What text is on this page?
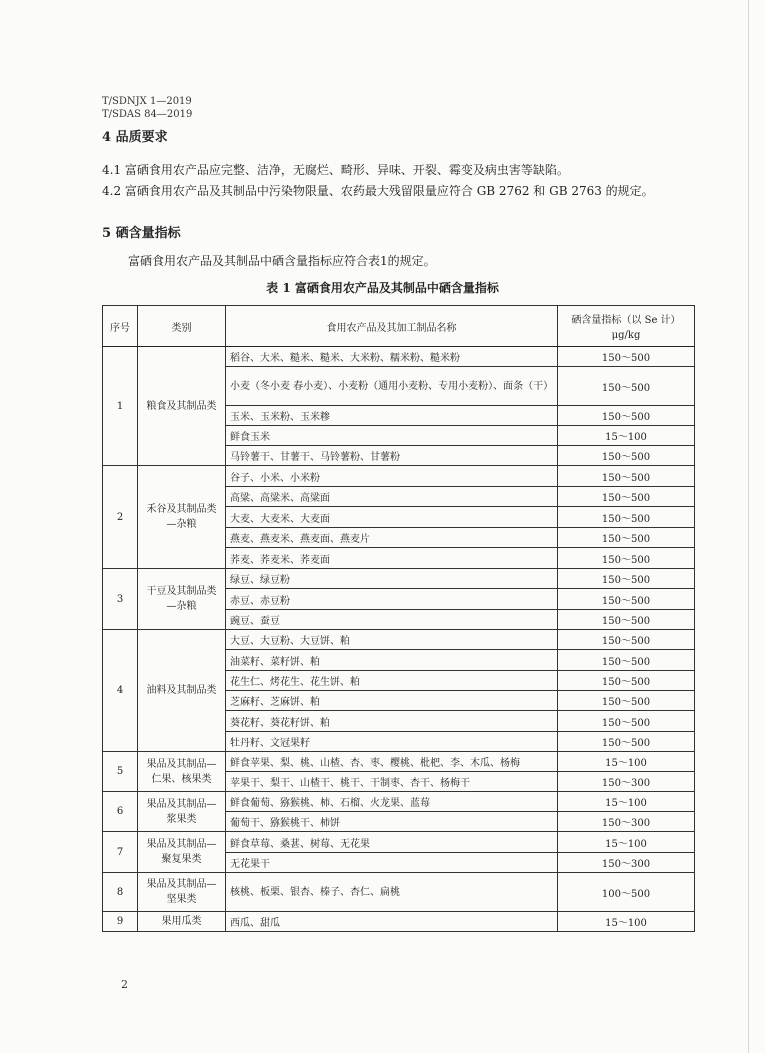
T/SDNJX 1—2019
T/SDAS 84—2019
4 品质要求
4.1 富硒食用农产品应完整、洁净，无腐烂、畸形、异味、开裂、霉变及病虫害等缺陷。
4.2 富硒食用农产品及其制品中污染物限量、农药最大残留限量应符合 GB 2762 和 GB 2763 的规定。
5 硒含量指标
富硒食用农产品及其制品中硒含量指标应符合表1的规定。
表 1 富硒食用农产品及其制品中硒含量指标
序号	类别	食用农产品及其加工制品名称	硒含量指标（以 Se 计）
μg/kg

1	粮食及其制品类	稻谷、大米、糙米、糙米、大米粉、糯米粉、糙米粉	150～500
		小麦（冬小麦 春小麦）、小麦粉（通用小麦粉、专用小麦粉）、面条（干）	150～500
		玉米、玉米粉、玉米糁	150～500
		鲜食玉米	15～100
		马铃薯干、甘薯干、马铃薯粉、甘薯粉	150～500
2	禾谷及其制品类—杂粮	谷子、小米、小米粉	150～500
		高粱、高粱米、高粱面	150～500
		大麦、大麦米、大麦面	150～500
		燕麦、燕麦米、燕麦面、燕麦片	150～500
		荞麦、荞麦米、荞麦面	150～500
3	干豆及其制品类—杂粮	绿豆、绿豆粉	150～500
		赤豆、赤豆粉	150～500
		豌豆、蚕豆	150～500
4	油料及其制品类	大豆、大豆粉、大豆饼、粕	150～500
		油菜籽、菜籽饼、粕	150～500
		花生仁、烤花生、花生饼、粕	150～500
		芝麻籽、芝麻饼、粕	150～500
		葵花籽、葵花籽饼、粕	150～500
		牡丹籽、文冠果籽	150～500
5	果品及其制品—仁果、核果类	鲜食苹果、梨、桃、山楂、杏、枣、樱桃、枇杷、李、木瓜、杨梅	15～100
		苹果干、梨干、山楂干、桃干、干制枣、杏干、杨梅干	150～300
6	果品及其制品—浆果类	鲜食葡萄、猕猴桃、柿、石榴、火龙果、蓝莓	15～100
		葡萄干、猕猴桃干、柿饼	150～300
7	果品及其制品—聚复果类	鲜食草莓、桑葚、树莓、无花果	15～100
		无花果干	150～300
8	果品及其制品—坚果类	核桃、板栗、银杏、榛子、杏仁、扁桃	100～500
9	果用瓜类	西瓜、甜瓜	15～100
2
